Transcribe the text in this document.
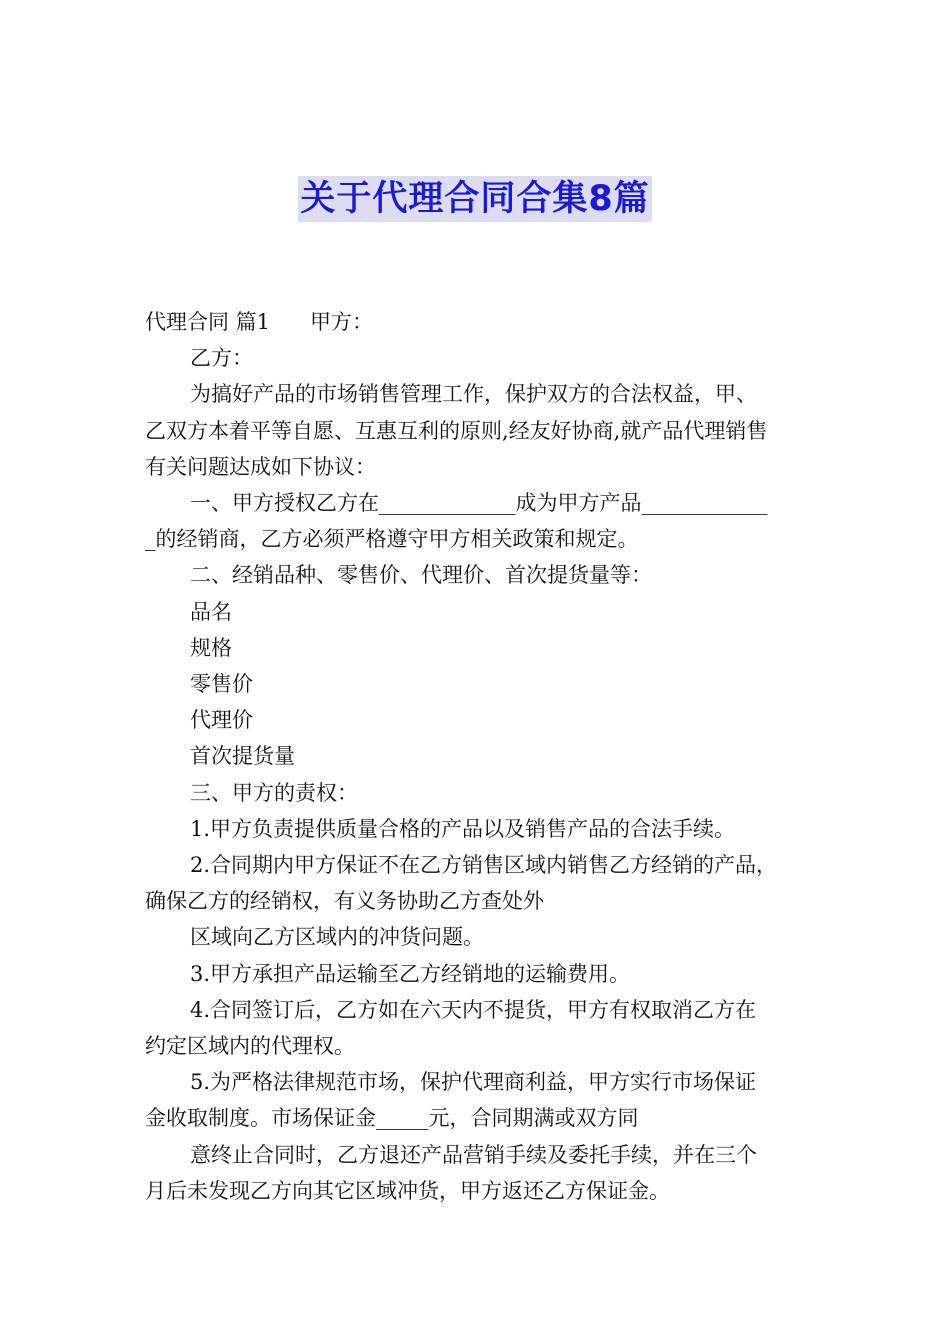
关于代理合同合集8篇
代理合同 篇1 甲方：
乙方：
为搞好产品的市场销售管理工作，保护双方的合法权益，甲、
乙双方本着平等自愿、互惠互利的原则,经友好协商,就产品代理销售
有关问题达成如下协议：
一、甲方授权乙方在_____________成为甲方产品____________
_的经销商，乙方必须严格遵守甲方相关政策和规定。
二、经销品种、零售价、代理价、首次提货量等：
品名
规格
零售价
代理价
首次提货量
三、甲方的责权：
1.甲方负责提供质量合格的产品以及销售产品的合法手续。
2.合同期内甲方保证不在乙方销售区域内销售乙方经销的产品，
确保乙方的经销权，有义务协助乙方查处外
区域向乙方区域内的冲货问题。
3.甲方承担产品运输至乙方经销地的运输费用。
4.合同签订后，乙方如在六天内不提货，甲方有权取消乙方在
约定区域内的代理权。
5.为严格法律规范市场，保护代理商利益，甲方实行市场保证
金收取制度。市场保证金_____元，合同期满或双方同
意终止合同时，乙方退还产品营销手续及委托手续，并在三个
月后未发现乙方向其它区域冲货，甲方返还乙方保证金。
